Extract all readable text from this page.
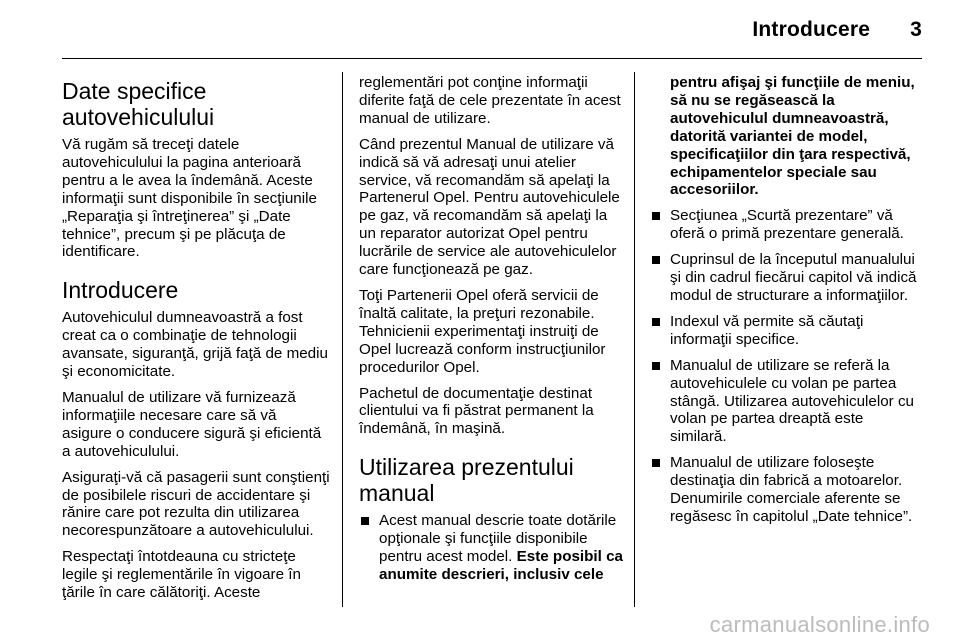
Introducere 3
Date specifice autovehiculului

Vă rugăm să treceţi datele autovehiculului la pagina anterioară pentru a le avea la îndemână. Aceste informaţii sunt disponibile în secţiunile „Reparaţia şi întreţinerea” şi „Date tehnice”, precum şi pe plăcuţa de identificare.

Introducere

Autovehiculul dumneavoastră a fost creat ca o combinaţie de tehnologii avansate, siguranţă, grijă faţă de mediu şi economicitate.

Manualul de utilizare vă furnizează informaţiile necesare care să vă asigure o conducere sigură şi eficientă a autovehiculului.

Asiguraţi-vă că pasagerii sunt conştienţi de posibilele riscuri de accidentare şi rănire care pot rezulta din utilizarea necorespunzătoare a autovehiculului.

Respectaţi întotdeauna cu stricteţe legile şi reglementările în vigoare în ţările în care călătoriţi. Aceste

reglementări pot conţine informaţii diferite faţă de cele prezentate în acest manual de utilizare.

Când prezentul Manual de utilizare vă indică să vă adresaţi unui atelier service, vă recomandăm să apelaţi la Partenerul Opel. Pentru autovehiculele pe gaz, vă recomandăm să apelaţi la un reparator autorizat Opel pentru lucrările de service ale autovehiculelor care funcţionează pe gaz.

Toţi Partenerii Opel oferă servicii de înaltă calitate, la preţuri rezonabile. Tehnicienii experimentaţi instruiţi de Opel lucrează conform instrucţiunilor procedurilor Opel.

Pachetul de documentaţie destinat clientului va fi păstrat permanent la îndemână, în maşină.

Utilizarea prezentului manual
Acest manual descrie toate dotările opţionale şi funcţiile disponibile pentru acest model. Este posibil ca anumite descrieri, inclusiv cele
pentru afişaj şi funcţiile de meniu, să nu se regăsească la autovehiculul dumneavoastră, datorită variantei de model, specificaţiilor din ţara respectivă, echipamentelor speciale sau accesoriilor.
Secţiunea „Scurtă prezentare” vă oferă o primă prezentare generală.
Cuprinsul de la începutul manualului şi din cadrul fiecărui capitol vă indică modul de structurare a informaţiilor.
Indexul vă permite să căutaţi informaţii specifice.
Manualul de utilizare se referă la autovehiculele cu volan pe partea stângă. Utilizarea autovehiculelor cu volan pe partea dreaptă este similară.
Manualul de utilizare foloseşte destinaţia din fabrică a motoarelor. Denumirile comerciale aferente se regăsesc în capitolul „Date tehnice”.
carmanualsonline.info
